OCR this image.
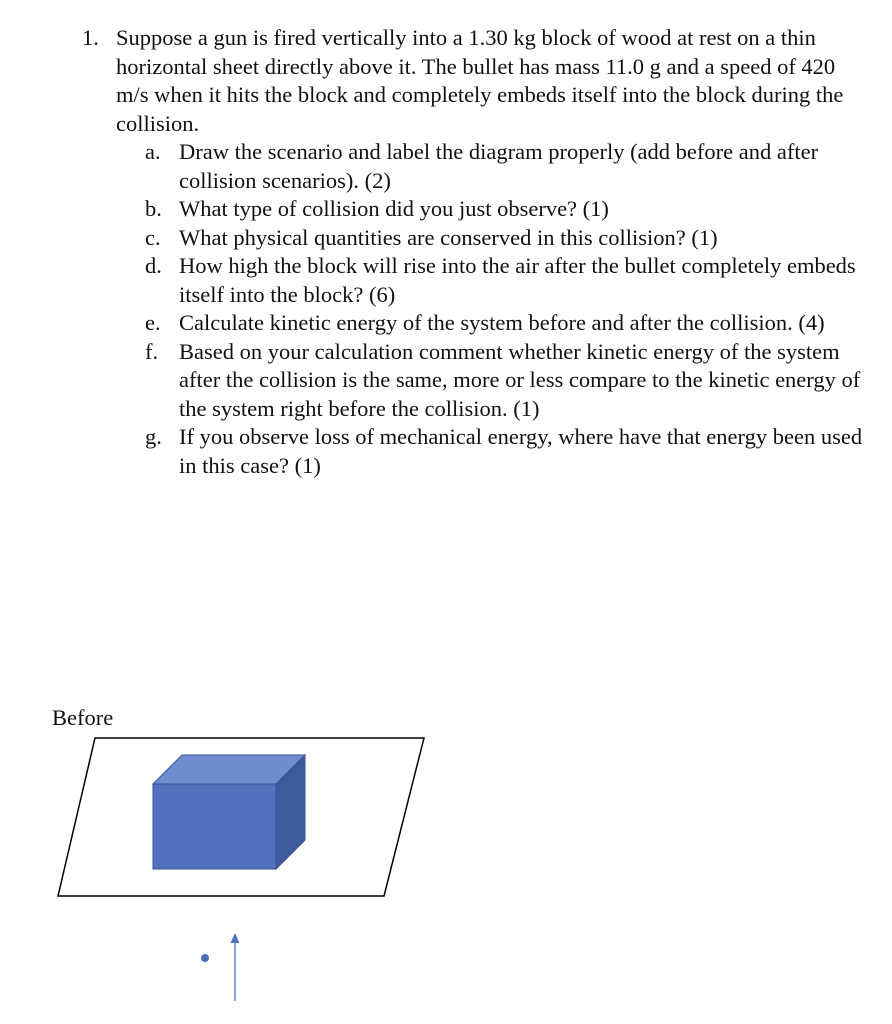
1. Suppose a gun is fired vertically into a 1.30 kg block of wood at rest on a thin horizontal sheet directly above it. The bullet has mass 11.0 g and a speed of 420 m/s when it hits the block and completely embeds itself into the block during the collision.
a. Draw the scenario and label the diagram properly (add before and after collision scenarios). (2)
b. What type of collision did you just observe? (1)
c. What physical quantities are conserved in this collision? (1)
d. How high the block will rise into the air after the bullet completely embeds itself into the block? (6)
e. Calculate kinetic energy of the system before and after the collision. (4)
f. Based on your calculation comment whether kinetic energy of the system after the collision is the same, more or less compare to the kinetic energy of the system right before the collision. (1)
g. If you observe loss of mechanical energy, where have that energy been used in this case? (1)
Before
